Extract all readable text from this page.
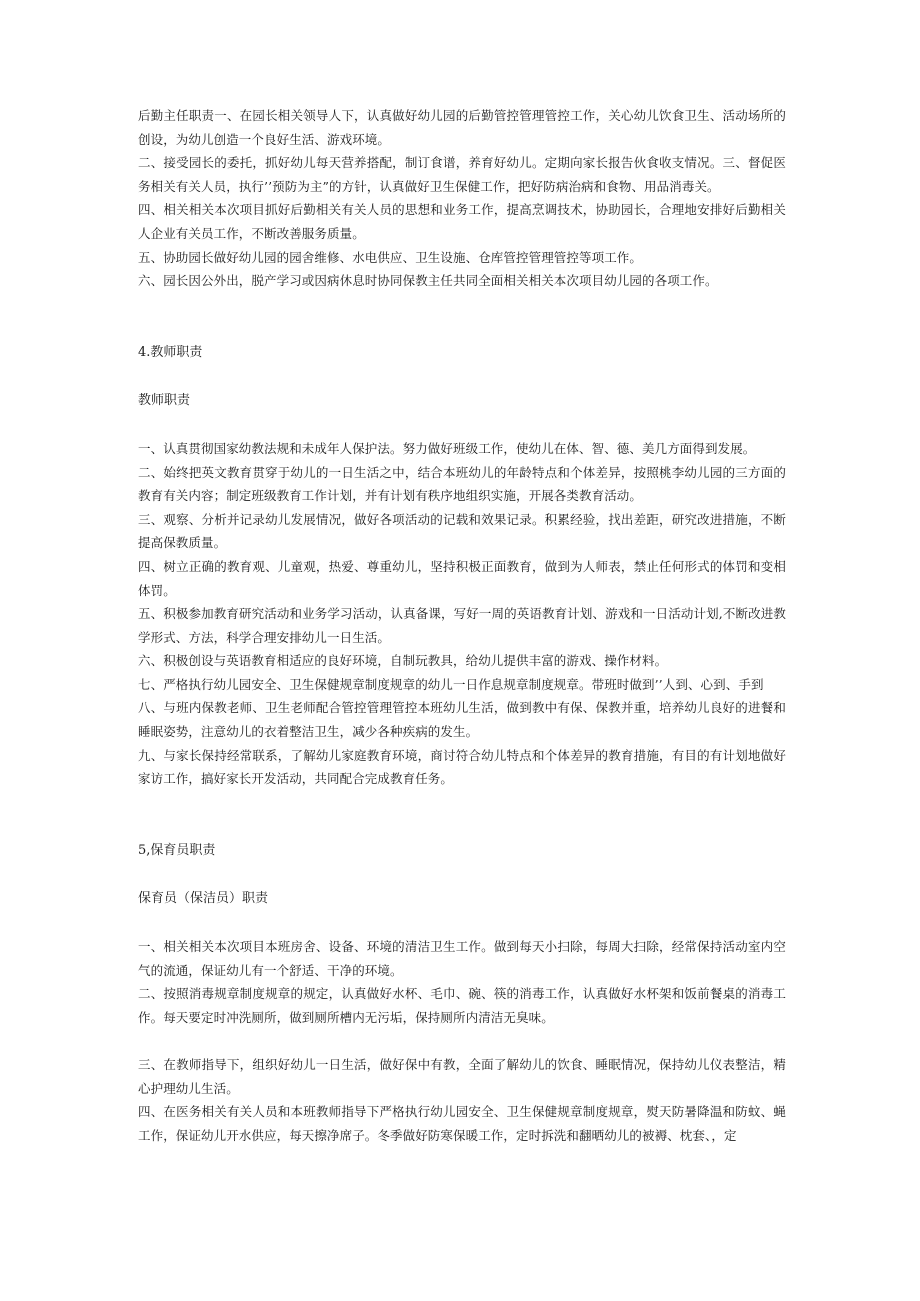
后勤主任职责一、在园长相关领导人下，认真做好幼儿园的后勤管控管理管控工作，关心幼儿饮食卫生、活动场所的创设，为幼儿创造一个良好生活、游戏环境。

二、接受园长的委托，抓好幼儿每天营养搭配，制订食谱，养育好幼儿。定期向家长报告伙食收支情况。三、督促医务相关有关人员，执行’’预防为主”的方针，认真做好卫生保健工作，把好防病治病和食物、用品消毒关。

四、相关相关本次项目抓好后勤相关有关人员的思想和业务工作，提高烹调技术，协助园长，合理地安排好后勤相关人企业有关员工作，不断改善服务质量。

五、协助园长做好幼儿园的园舍维修、水电供应、卫生设施、仓库管控管理管控等项工作。

六、园长因公外出，脱产学习或因病休息时协同保教主任共同全面相关相关本次项目幼儿园的各项工作。

4.教师职责

教师职责

一、认真贯彻国家幼教法规和未成年人保护法。努力做好班级工作，使幼儿在体、智、德、美几方面得到发展。

二、始终把英文教育贯穿于幼儿的一日生活之中，结合本班幼儿的年龄特点和个体差异，按照桃李幼儿园的三方面的教育有关内容；制定班级教育工作计划，并有计划有秩序地组织实施，开展各类教育活动。

三、观察、分析并记录幼儿发展情况，做好各项活动的记载和效果记录。积累经验，找出差距，研究改进措施，不断提高保教质量。

四、树立正确的教育观、儿童观，热爱、尊重幼儿，坚持积极正面教育，做到为人师表，禁止任何形式的体罚和变相体罚。

五、积极参加教育研究活动和业务学习活动，认真备课，写好一周的英语教育计划、游戏和一日活动计划,不断改进教学形式、方法，科学合理安排幼儿一日生活。

六、积极创设与英语教育相适应的良好环境，自制玩教具，给幼儿提供丰富的游戏、操作材料。

七、严格执行幼儿园安全、卫生保健规章制度规章的幼儿一日作息规章制度规章。带班时做到’’人到、心到、手到

八、与班内保教老师、卫生老师配合管控管理管控本班幼儿生活，做到教中有保、保教并重，培养幼儿良好的进餐和睡眠姿势，注意幼儿的衣着整洁卫生，减少各种疾病的发生。

九、与家长保持经常联系，了解幼儿家庭教育环境，商讨符合幼儿特点和个体差异的教育措施，有目的有计划地做好家访工作，搞好家长开发活动，共同配合完成教育任务。

5,保育员职责

保育员（保洁员）职责

一、相关相关本次项目本班房舍、设备、环境的清洁卫生工作。做到每天小扫除，每周大扫除，经常保持活动室内空气的流通，保证幼儿有一个舒适、干净的环境。

二、按照消毒规章制度规章的规定，认真做好水杯、毛巾、碗、筷的消毒工作，认真做好水杯架和饭前餐桌的消毒工作。每天要定时冲洗厕所，做到厕所槽内无污垢，保持厕所内清洁无臭味。

三、在教师指导下，组织好幼儿一日生活，做好保中有教，全面了解幼儿的饮食、睡眠情况，保持幼儿仪表整洁，精心护理幼儿生活。

四、在医务相关有关人员和本班教师指导下严格执行幼儿园安全、卫生保健规章制度规章，熨天防暑降温和防蚊、蝇工作，保证幼儿开水供应，每天擦净席子。冬季做好防寒保暖工作，定时拆洗和翻晒幼儿的被褥、枕套、，定
